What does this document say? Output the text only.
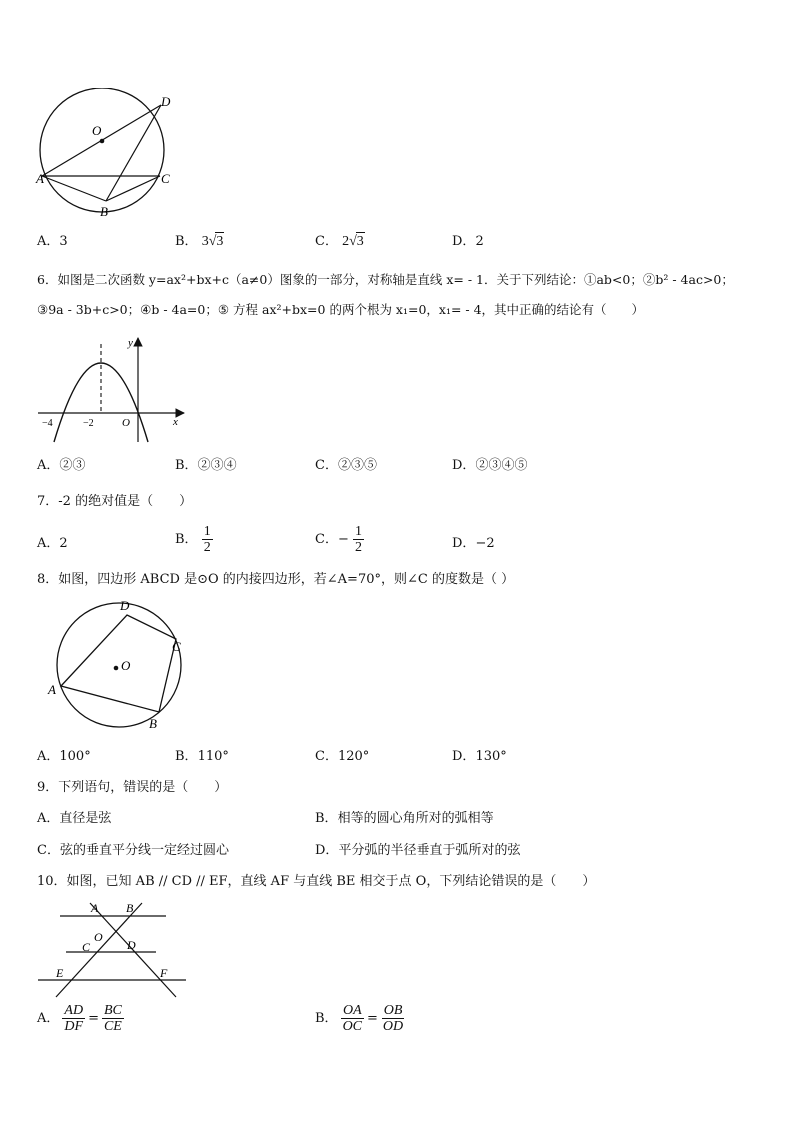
O
D
A	C
B
A．3	B． 3 √ 3	C． 2 √ 3	D．2
6．如图是二次函数 y=ax²+bx+c（a≠0）图象的一部分，对称轴是直线 x= - 1．关于下列结论：①ab<0；②b² - 4ac>0；
③9a - 3b+c>0；④b - 4a=0；⑤ 方程 ax²+bx=0 的两个根为 x₁=0，x₁= - 4，其中正确的结论有（　　）
y
x
O
−4	−2
A．②③	B．②③④	C．②③⑤	D．②③④⑤
7．-2 的绝对值是（　　）
A．2	B． $\frac{1}{2}$	C．− $\frac{1}{2}$	D．−2
8．如图，四边形 ABCD 是⊙O 的内接四边形，若∠A=70°，则∠C 的度数是（ ）
O
D
C
A
B
A．100°	B．110°	C．120°	D．130°
9．下列语句，错误的是（　　）
A．直径是弦	B．相等的圆心角所对的弧相等
C．弦的垂直平分线一定经过圆心	D．平分弧的半径垂直于弧所对的弦
10．如图，已知 AB // CD // EF，直线 AF 与直线 BE 相交于点 O，下列结论错误的是（　　）
A B
O
C	D
E	F
A． $\frac{AD}{DF} = \frac{BC}{CE}$	B． $\frac{OA}{OC} = \frac{OB}{OD}$
